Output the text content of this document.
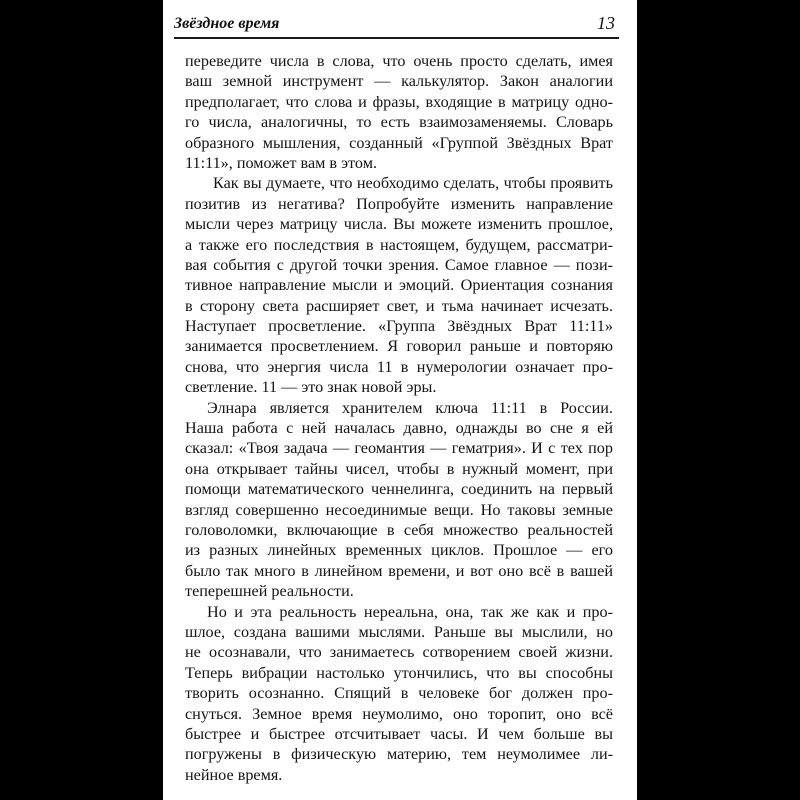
Звёздное время	13
переведите числа в слова, что очень просто сделать, имея
ваш земной инструмент — калькулятор. Закон аналогии
предполагает, что слова и фразы, входящие в матрицу одно-
го числа, аналогичны, то есть взаимозаменяемы. Словарь
образного мышления, созданный «Группой Звёздных Врат
11:11», поможет вам в этом.
Как вы думаете, что необходимо сделать, чтобы проявить
позитив из негатива? Попробуйте изменить направление
мысли через матрицу числа. Вы можете изменить прошлое,
а также его последствия в настоящем, будущем, рассматри-
вая события с другой точки зрения. Самое главное — пози-
тивное направление мысли и эмоций. Ориентация сознания
в сторону света расширяет свет, и тьма начинает исчезать.
Наступает просветление. «Группа Звёздных Врат 11:11»
занимается просветлением. Я говорил раньше и повторяю
снова, что энергия числа 11 в нумерологии означает про-
светление. 11 — это знак новой эры.
Элнара является хранителем ключа 11:11 в России.
Наша работа с ней началась давно, однажды во сне я ей
сказал: «Твоя задача — геомантия — гематрия». И с тех пор
она открывает тайны чисел, чтобы в нужный момент, при
помощи математического ченнелинга, соединить на первый
взгляд совершенно несоединимые вещи. Но таковы земные
головоломки, включающие в себя множество реальностей
из разных линейных временных циклов. Прошлое — его
было так много в линейном времени, и вот оно всё в вашей
теперешней реальности.
Но и эта реальность нереальна, она, так же как и про-
шлое, создана вашими мыслями. Раньше вы мыслили, но
не осознавали, что занимаетесь сотворением своей жизни.
Теперь вибрации настолько утончились, что вы способны
творить осознанно. Спящий в человеке бог должен про-
снуться. Земное время неумолимо, оно торопит, оно всё
быстрее и быстрее отсчитывает часы. И чем больше вы
погружены в физическую материю, тем неумолимее ли-
нейное время.
